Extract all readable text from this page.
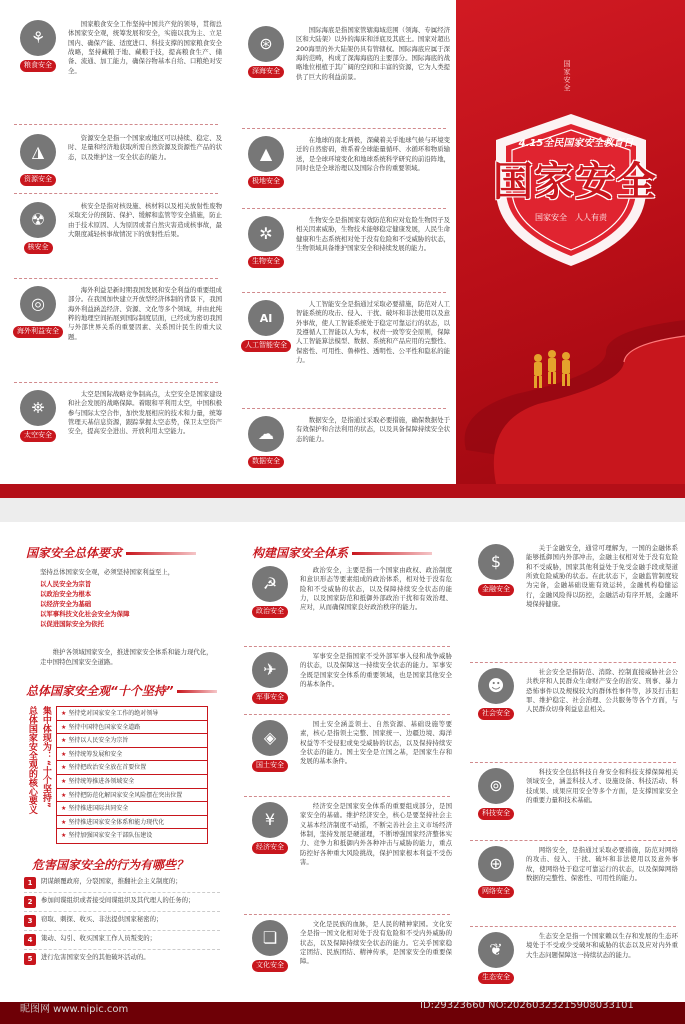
⚘
粮食安全
国家粮食安全工作坚持中国共产党的领导，贯彻总体国家安全观，统筹发展和安全，实施以我为主、立足国内、确保产能、适度进口、科技支撑的国家粮食安全战略，坚持藏粮于地、藏粮于技，提高粮食生产、储备、流通、加工能力，确保谷物基本自给、口粮绝对安全。
◮
资源安全
资源安全是指一个国家或地区可以持续、稳定、及时、足量和经济地获取所需自然资源及资源性产品的状态，以及维护这一安全状态的能力。
☢
核安全
核安全是指对核设施、核材料以及相关放射性废物采取充分的预防、保护、缓解和监管等安全措施，防止由于技术原因、人为原因或者自然灾害造成核事故，最大限度减轻核事故情况下的放射性后果。
◎
海外利益安全
海外利益是新时期我国发展和安全利益的重要组成部分。在我国加快建立开放型经济体制的背景下，我国海外利益涵盖经济、资源、文化等多个领域，并由此纯粹的地理空间拓展到国际制度层面，已经成为密切我国与外部世界关系的重要因素、关系国计民生的重大议题。
⛯
太空安全
太空是国际战略竞争制高点，太空安全是国家建设和社会发展的战略保障。着眼和平利用太空，中国积极参与国际太空合作，加快发展相应的技术和力量，统筹管理天基信息资源，跟踪掌握太空态势，保卫太空资产安全，提高安全进出、开放利用太空能力。
⊛
深海安全
国际海底是指国家管辖海域范围（领海、专属经济区和大陆架）以外的海床和洋底及其底土。国家对超出200海里的外大陆架仍具有管辖权。国际海底应属于深海的范畴，构成了深海海底的主要部分。国际海底的战略地位根植于其广阔的空间和丰富的资源，它为人类提供了巨大的利益前景。
▲
极地安全
在地球的南北两极，深藏着关乎地球气候与环境变迁的自然密码，维系着全球能量循环、水循环和物质输送，是全球环境变化和地球系统科学研究的前沿阵地，同时也是全球治理以及国际合作的重要领域。
✲
生物安全
生物安全是指国家有效防范和应对危险生物因子及相关因素威胁，生物技术能够稳定健康发展，人民生命健康和生态系统相对处于没有危险和不受威胁的状态，生物领域具备维护国家安全和持续发展的能力。
AI
人工智能安全
人工智能安全是指通过采取必要措施，防范对人工智能系统的攻击、侵入、干扰、破坏和非法使用以及意外事故，使人工智能系统处于稳定可靠运行的状态，以及遵循人工智能以人为本，权责一致等安全原则，保障人工智能算法模型、数据、系统和产品应用的完整性、保密性、可用性、鲁棒性、透明性、公平性和隐私的能力。
☁
数据安全
数据安全，是指通过采取必要措施，确保数据处于有效保护和合法利用的状态，以及具备保障持续安全状态的能力。
国家安全
4.15全民国家安全教育日
国家安全
国家安全　人人有责
国家安全总体要求
坚持总体国家安全观，必须坚持国家利益至上，
以人民安全为宗旨
以政治安全为根本
以经济安全为基础
以军事科技文化社会安全为保障
以促进国际安全为依托
维护各领域国家安全，推进国家安全体系和能力现代化，走中国特色国家安全道路。
总体国家安全观“十个坚持”
集中体现为：“十个坚持”
总体国家安全观的核心要义
★	坚持党对国家安全工作的绝对领导
★ 坚持中国特色国家安全道路
★ 坚持以人民安全为宗旨
★ 坚持统筹发展和安全
★ 坚持把政治安全放在首要位置
★ 坚持统筹推进各领域安全
★ 坚持把防范化解国家安全风险摆在突出位置
★ 坚持推进国际共同安全
★ 坚持推进国家安全体系和能力现代化
★ 坚持加强国家安全干部队伍建设
危害国家安全的行为有哪些？
1	阴谋颠覆政府，分裂国家，推翻社会主义制度的；
2	参加间谍组织或者接受间谍组织及其代理人的任务的；
3	窃取、刺探、收买、非法提供国家秘密的；
4	策动、勾引、收买国家工作人员叛变的；
5	进行危害国家安全的其他破坏活动的。
构建国家安全体系
☭
政治安全
政治安全，主要是指一个国家由政权、政治制度和意识形态等要素组成的政治体系，相对处于没有危险和不受威胁的状态，以及保障持续安全状态的能力，以及国家防范和抵御外部政治干扰和有效治理、应对，从而确保国家良好政治秩序的能力。
✈
军事安全
军事安全是指国家不受外部军事入侵和战争威胁的状态，以及保障这一持续安全状态的能力。军事安全既是国家安全体系的重要领域，也是国家其他安全的基本条件。
◈
国土安全
国土安全涵盖领土、自然资源、基础设施等要素，核心是指领土完整、国家统一、边疆边境、海洋权益等不受侵犯或免受威胁的状态，以及保持持续安全状态的能力。国土安全是立国之基，是国家生存和发展的基本条件。
¥
经济安全
经济安全是国家安全体系的重要组成部分，是国家安全的基础。维护经济安全，核心是要坚持社会主义基本经济制度不动摇，不断完善社会主义市场经济体制，坚持发展是硬道理，不断增强国家经济整体实力、竞争力和抵御内外各种冲击与威胁的能力，重点防控好各种重大风险挑战，保护国家根本利益不受伤害。
❏
文化安全
文化是民族的血脉，是人民的精神家园。文化安全是指一国文化相对处于没有危险和不受内外威胁的状态，以及保障持续安全状态的能力。它关乎国家稳定团结、民族团结、精神传承，是国家安全的重要保障。
$
金融安全
关于金融安全，通常可理解为，一国的金融体系能够抵御国内外部冲击，金融主权相对处于没有危险和不受威胁，国家其他利益处于免受金融手段或渠道所致危险威胁的状态。在此状态下，金融监管制度较为完备，金融基础设施有效运转，金融机构稳健运行，金融风险得以防控，金融活动有序开展，金融环境保持健康。
☻
社会安全
社会安全是指防范、消除、控制直接威胁社会公共秩序和人民群众生命财产安全的治安、刑事、暴力恐怖事件以及规模较大的群体性事件等，涉及打击犯罪、维护稳定、社会治理、公共服务等各个方面，与人民群众切身利益息息相关。
⊚
科技安全
科技安全包括科技自身安全和科技支撑保障相关领域安全，涵盖科技人才、设施设备、科技活动、科技成果、成果应用安全等多个方面，是支撑国家安全的重要力量和技术基础。
⊕
网络安全
网络安全，是指通过采取必要措施，防范对网络的攻击、侵入、干扰、破坏和非法使用以及意外事故，使网络处于稳定可靠运行的状态，以及保障网络数据的完整性、保密性、可用性的能力。
❦
生态安全
生态安全是指一个国家赖以生存和发展的生态环境处于不受或少受破坏和威胁的状态以及应对内外重大生态问题保障这一持续状态的能力。
昵图网 www.nipic.com	ID:29323660 NO:20260323215908033101
